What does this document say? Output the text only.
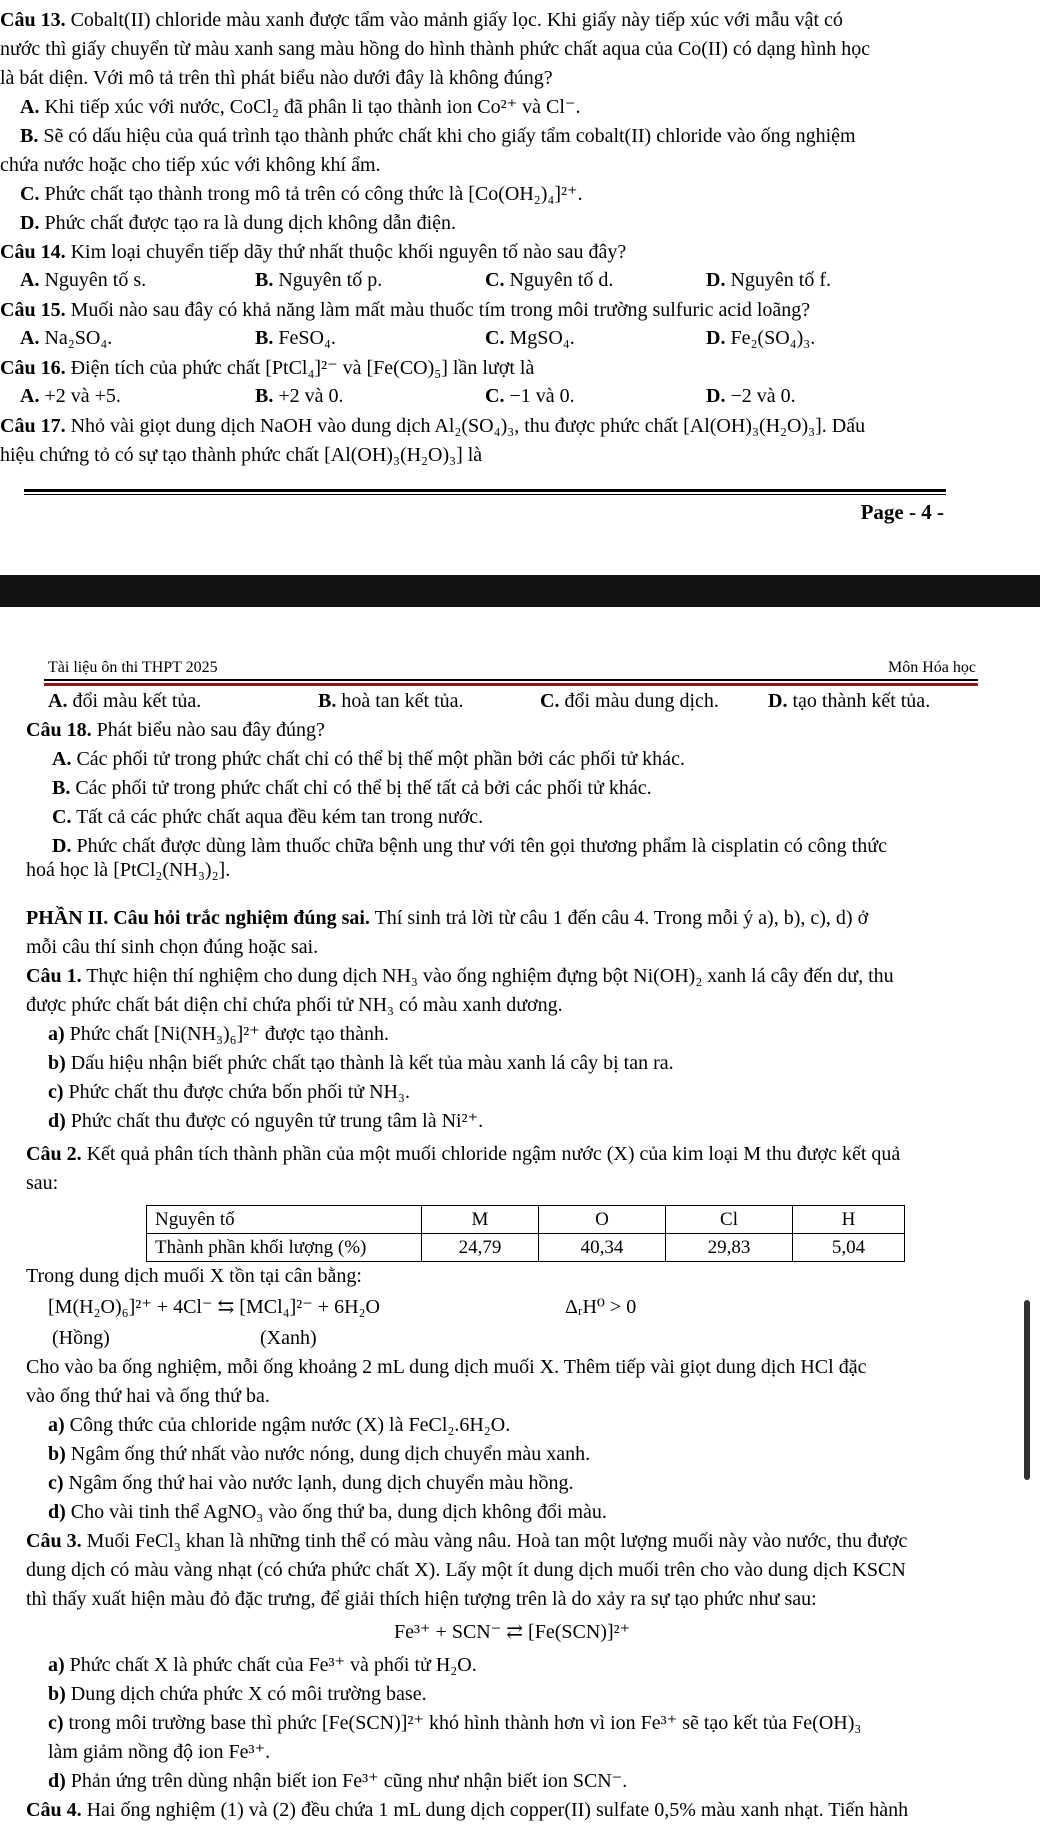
Câu 13. Cobalt(II) chloride màu xanh được tẩm vào mảnh giấy lọc. Khi giấy này tiếp xúc với mẫu vật có
nước thì giấy chuyển từ màu xanh sang màu hồng do hình thành phức chất aqua của Co(II) có dạng hình học
là bát diện. Với mô tả trên thì phát biểu nào dưới đây là không đúng?
A. Khi tiếp xúc với nước, CoCl₂ đã phân li tạo thành ion Co²⁺ và Cl⁻.
B. Sẽ có dấu hiệu của quá trình tạo thành phức chất khi cho giấy tẩm cobalt(II) chloride vào ống nghiệm
chứa nước hoặc cho tiếp xúc với không khí ẩm.
C. Phức chất tạo thành trong mô tả trên có công thức là [Co(OH₂)₄]²⁺.
D. Phức chất được tạo ra là dung dịch không dẫn điện.
Câu 14. Kim loại chuyển tiếp dãy thứ nhất thuộc khối nguyên tố nào sau đây?
A. Nguyên tố s.	B. Nguyên tố p.	C. Nguyên tố d.	D. Nguyên tố f.
Câu 15. Muối nào sau đây có khả năng làm mất màu thuốc tím trong môi trường sulfuric acid loãng?
A. Na₂SO₄.	B. FeSO₄.	C. MgSO₄.	D. Fe₂(SO₄)₃.
Câu 16. Điện tích của phức chất [PtCl₄]²⁻ và [Fe(CO)₅] lần lượt là
A. +2 và +5.	B. +2 và 0.	C. −1 và 0.	D. −2 và 0.
Câu 17. Nhỏ vài giọt dung dịch NaOH vào dung dịch Al₂(SO₄)₃, thu được phức chất [Al(OH)₃(H₂O)₃]. Dấu
hiệu chứng tỏ có sự tạo thành phức chất [Al(OH)₃(H₂O)₃] là
Page - 4 -
Tài liệu ôn thi THPT 2025	Môn Hóa học
A. đổi màu kết tủa.	B. hoà tan kết tủa.	C. đổi màu dung dịch. D. tạo thành kết tủa.
Câu 18. Phát biểu nào sau đây đúng?
A. Các phối tử trong phức chất chỉ có thể bị thế một phần bởi các phối tử khác.
B. Các phối tử trong phức chất chỉ có thể bị thế tất cả bởi các phối tử khác.
C. Tất cả các phức chất aqua đều kém tan trong nước.
D. Phức chất được dùng làm thuốc chữa bệnh ung thư với tên gọi thương phẩm là cisplatin có công thức
hoá học là [PtCl₂(NH₃)₂].
PHẦN II. Câu hỏi trắc nghiệm đúng sai. Thí sinh trả lời từ câu 1 đến câu 4. Trong mỗi ý a), b), c), d) ở
mỗi câu thí sinh chọn đúng hoặc sai.
Câu 1. Thực hiện thí nghiệm cho dung dịch NH₃ vào ống nghiệm đựng bột Ni(OH)₂ xanh lá cây đến dư, thu
được phức chất bát diện chỉ chứa phối tử NH₃ có màu xanh dương.
a) Phức chất [Ni(NH₃)₆]²⁺ được tạo thành.
b) Dấu hiệu nhận biết phức chất tạo thành là kết tủa màu xanh lá cây bị tan ra.
c) Phức chất thu được chứa bốn phối tử NH₃.
d) Phức chất thu được có nguyên tử trung tâm là Ni²⁺.
Câu 2. Kết quả phân tích thành phần của một muối chloride ngậm nước (X) của kim loại M thu được kết quả
sau:
Nguyên tố	M	O	Cl	H
Thành phần khối lượng (%)	24,79	40,34	29,83	5,04
Trong dung dịch muối X tồn tại cân bằng:
[M(H₂O)₆]²⁺ + 4Cl⁻ ⇆ [MCl₄]²⁻ + 6H₂O	ΔᵣH⁰ > 0
(Hồng)	(Xanh)
Cho vào ba ống nghiệm, mỗi ống khoảng 2 mL dung dịch muối X. Thêm tiếp vài giọt dung dịch HCl đặc
vào ống thứ hai và ống thứ ba.
a) Công thức của chloride ngậm nước (X) là FeCl₂.6H₂O.
b) Ngâm ống thứ nhất vào nước nóng, dung dịch chuyển màu xanh.
c) Ngâm ống thứ hai vào nước lạnh, dung dịch chuyển màu hồng.
d) Cho vài tinh thể AgNO₃ vào ống thứ ba, dung dịch không đổi màu.
Câu 3. Muối FeCl₃ khan là những tinh thể có màu vàng nâu. Hoà tan một lượng muối này vào nước, thu được
dung dịch có màu vàng nhạt (có chứa phức chất X). Lấy một ít dung dịch muối trên cho vào dung dịch KSCN
thì thấy xuất hiện màu đỏ đặc trưng, để giải thích hiện tượng trên là do xảy ra sự tạo phức như sau:
Fe³⁺ + SCN⁻ ⇄ [Fe(SCN)]²⁺
a) Phức chất X là phức chất của Fe³⁺ và phối tử H₂O.
b) Dung dịch chứa phức X có môi trường base.
c) trong môi trường base thì phức [Fe(SCN)]²⁺ khó hình thành hơn vì ion Fe³⁺ sẽ tạo kết tủa Fe(OH)₃
làm giảm nồng độ ion Fe³⁺.
d) Phản ứng trên dùng nhận biết ion Fe³⁺ cũng như nhận biết ion SCN⁻.
Câu 4. Hai ống nghiệm (1) và (2) đều chứa 1 mL dung dịch copper(II) sulfate 0,5% màu xanh nhạt. Tiến hành
